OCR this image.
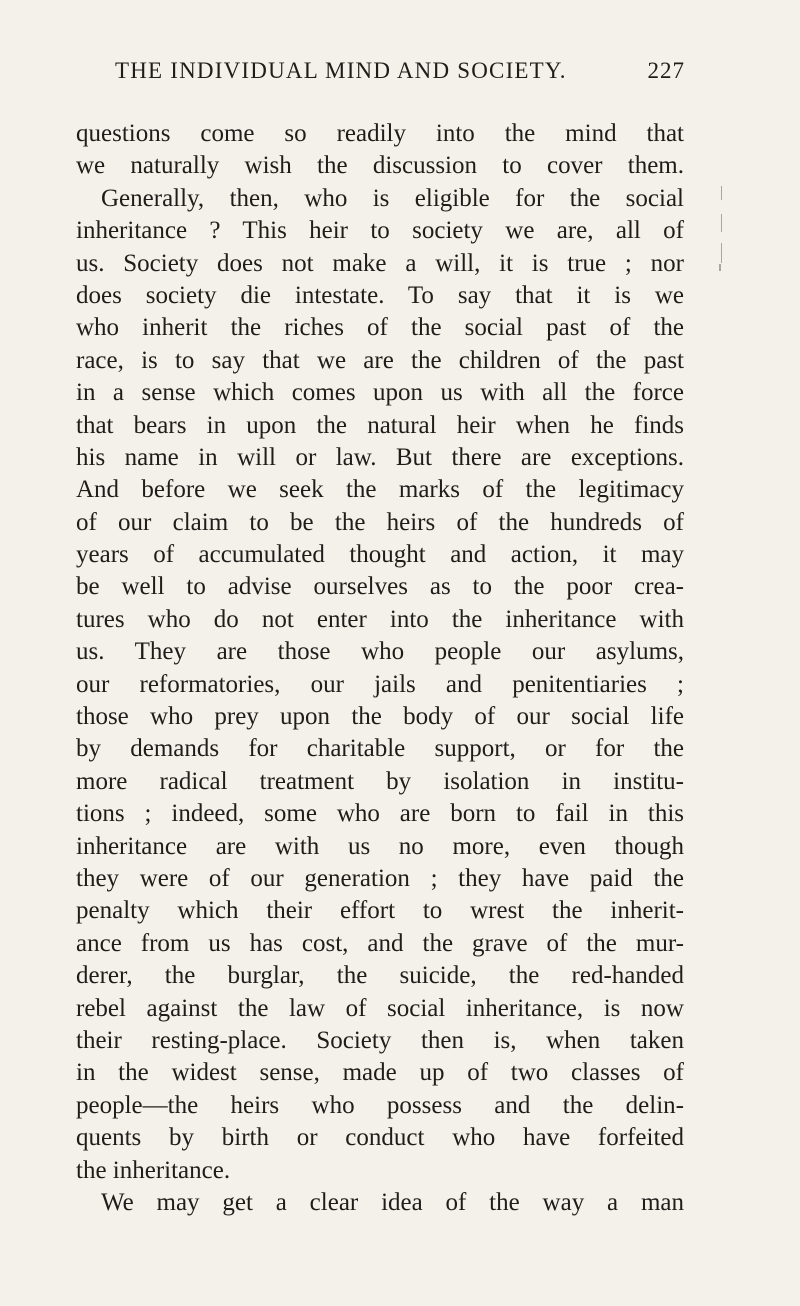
THE INDIVIDUAL MIND AND SOCIETY.	227
questions come so readily into the mind that
we naturally wish the discussion to cover them.
Generally, then, who is eligible for the social
inheritance ? This heir to society we are, all of
us. Society does not make a will, it is true ; nor
does society die intestate. To say that it is we
who inherit the riches of the social past of the
race, is to say that we are the children of the past
in a sense which comes upon us with all the force
that bears in upon the natural heir when he finds
his name in will or law. But there are exceptions.
And before we seek the marks of the legitimacy
of our claim to be the heirs of the hundreds of
years of accumulated thought and action, it may
be well to advise ourselves as to the poor crea-
tures who do not enter into the inheritance with
us. They are those who people our asylums,
our reformatories, our jails and penitentiaries ;
those who prey upon the body of our social life
by demands for charitable support, or for the
more radical treatment by isolation in institu-
tions ; indeed, some who are born to fail in this
inheritance are with us no more, even though
they were of our generation ; they have paid the
penalty which their effort to wrest the inherit-
ance from us has cost, and the grave of the mur-
derer, the burglar, the suicide, the red-handed
rebel against the law of social inheritance, is now
their resting-place. Society then is, when taken
in the widest sense, made up of two classes of
people—the heirs who possess and the delin-
quents by birth or conduct who have forfeited
the inheritance.
We may get a clear idea of the way a man
